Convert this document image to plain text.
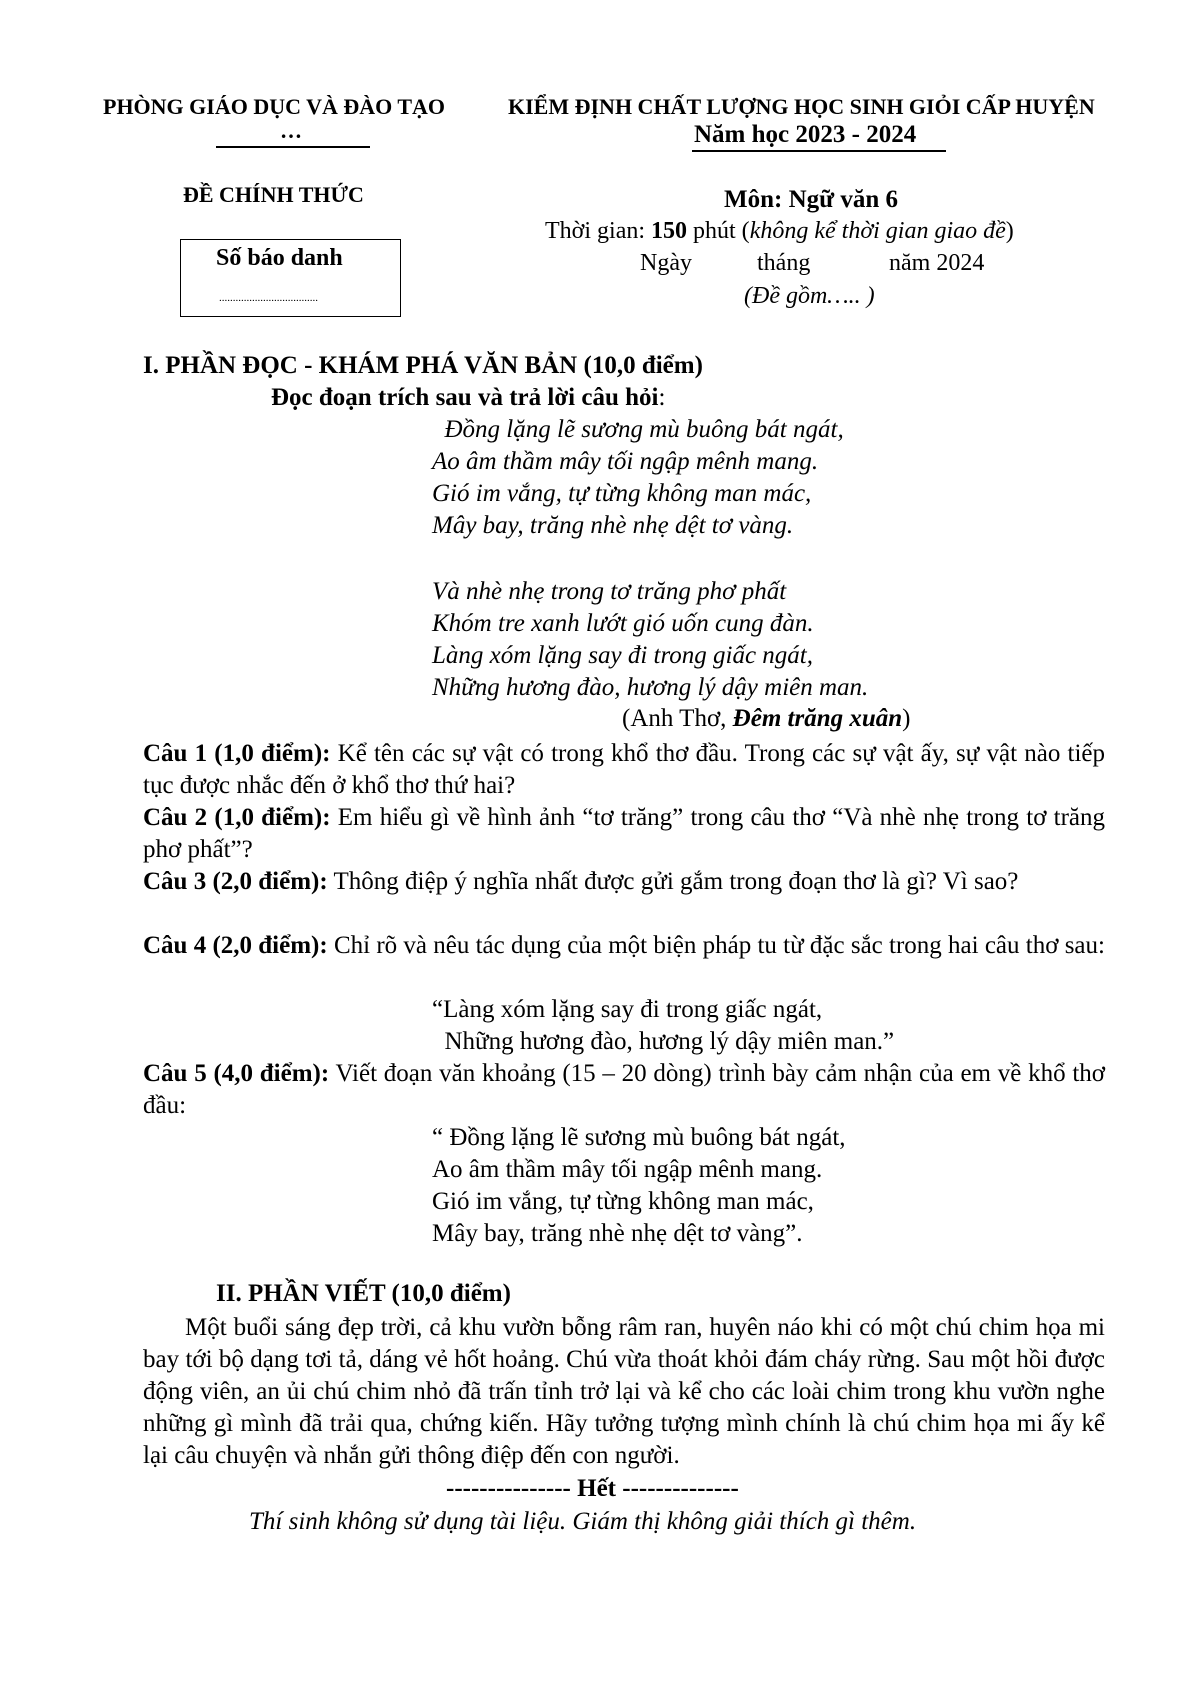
PHÒNG GIÁO DỤC VÀ ĐÀO TẠO
…
ĐỀ CHÍNH THỨC
Số báo danh
....................................
KIỂM ĐỊNH CHẤT LƯỢNG HỌC SINH GIỎI CẤP HUYỆN
Năm học 2023 - 2024
Môn: Ngữ văn 6
Thời gian: 150 phút (không kể thời gian giao đề)
Ngày	tháng	năm 2024
(Đề gồm….. )
I. PHẦN ĐỌC - KHÁM PHÁ VĂN BẢN (10,0 điểm)
Đọc đoạn trích sau và trả lời câu hỏi:
Đồng lặng lẽ sương mù buông bát ngát,
Ao âm thầm mây tối ngập mênh mang.
Gió im vắng, tự từng không man mác,
Mây bay, trăng nhè nhẹ dệt tơ vàng.
Và nhè nhẹ trong tơ trăng phơ phất
Khóm tre xanh lướt gió uốn cung đàn.
Làng xóm lặng say đi trong giấc ngát,
Những hương đào, hương lý dậy miên man.
(Anh Thơ, Đêm trăng xuân)
Câu 1 (1,0 điểm): Kể tên các sự vật có trong khổ thơ đầu. Trong các sự vật ấy, sự vật nào tiếp tục được nhắc đến ở khổ thơ thứ hai?
Câu 2 (1,0 điểm): Em hiểu gì về hình ảnh “tơ trăng” trong câu thơ “Và nhè nhẹ trong tơ trăng phơ phất”?
Câu 3 (2,0 điểm): Thông điệp ý nghĩa nhất được gửi gắm trong đoạn thơ là gì? Vì sao?
Câu 4 (2,0 điểm): Chỉ rõ và nêu tác dụng của một biện pháp tu từ đặc sắc trong hai câu thơ sau:
“Làng xóm lặng say đi trong giấc ngát,
Những hương đào, hương lý dậy miên man.”
Câu 5 (4,0 điểm): Viết đoạn văn khoảng (15 – 20 dòng) trình bày cảm nhận của em về khổ thơ đầu:
“ Đồng lặng lẽ sương mù buông bát ngát,
Ao âm thầm mây tối ngập mênh mang.
Gió im vắng, tự từng không man mác,
Mây bay, trăng nhè nhẹ dệt tơ vàng”.
II. PHẦN VIẾT (10,0 điểm)
Một buổi sáng đẹp trời, cả khu vườn bỗng râm ran, huyên náo khi có một chú chim họa mi bay tới bộ dạng tơi tả, dáng vẻ hốt hoảng. Chú vừa thoát khỏi đám cháy rừng. Sau một hồi được động viên, an ủi chú chim nhỏ đã trấn tỉnh trở lại và kể cho các loài chim trong khu vườn nghe những gì mình đã trải qua, chứng kiến. Hãy tưởng tượng mình chính là chú chim họa mi ấy kể lại câu chuyện và nhắn gửi thông điệp đến con người.
--------------- Hết --------------
Thí sinh không sử dụng tài liệu. Giám thị không giải thích gì thêm.
